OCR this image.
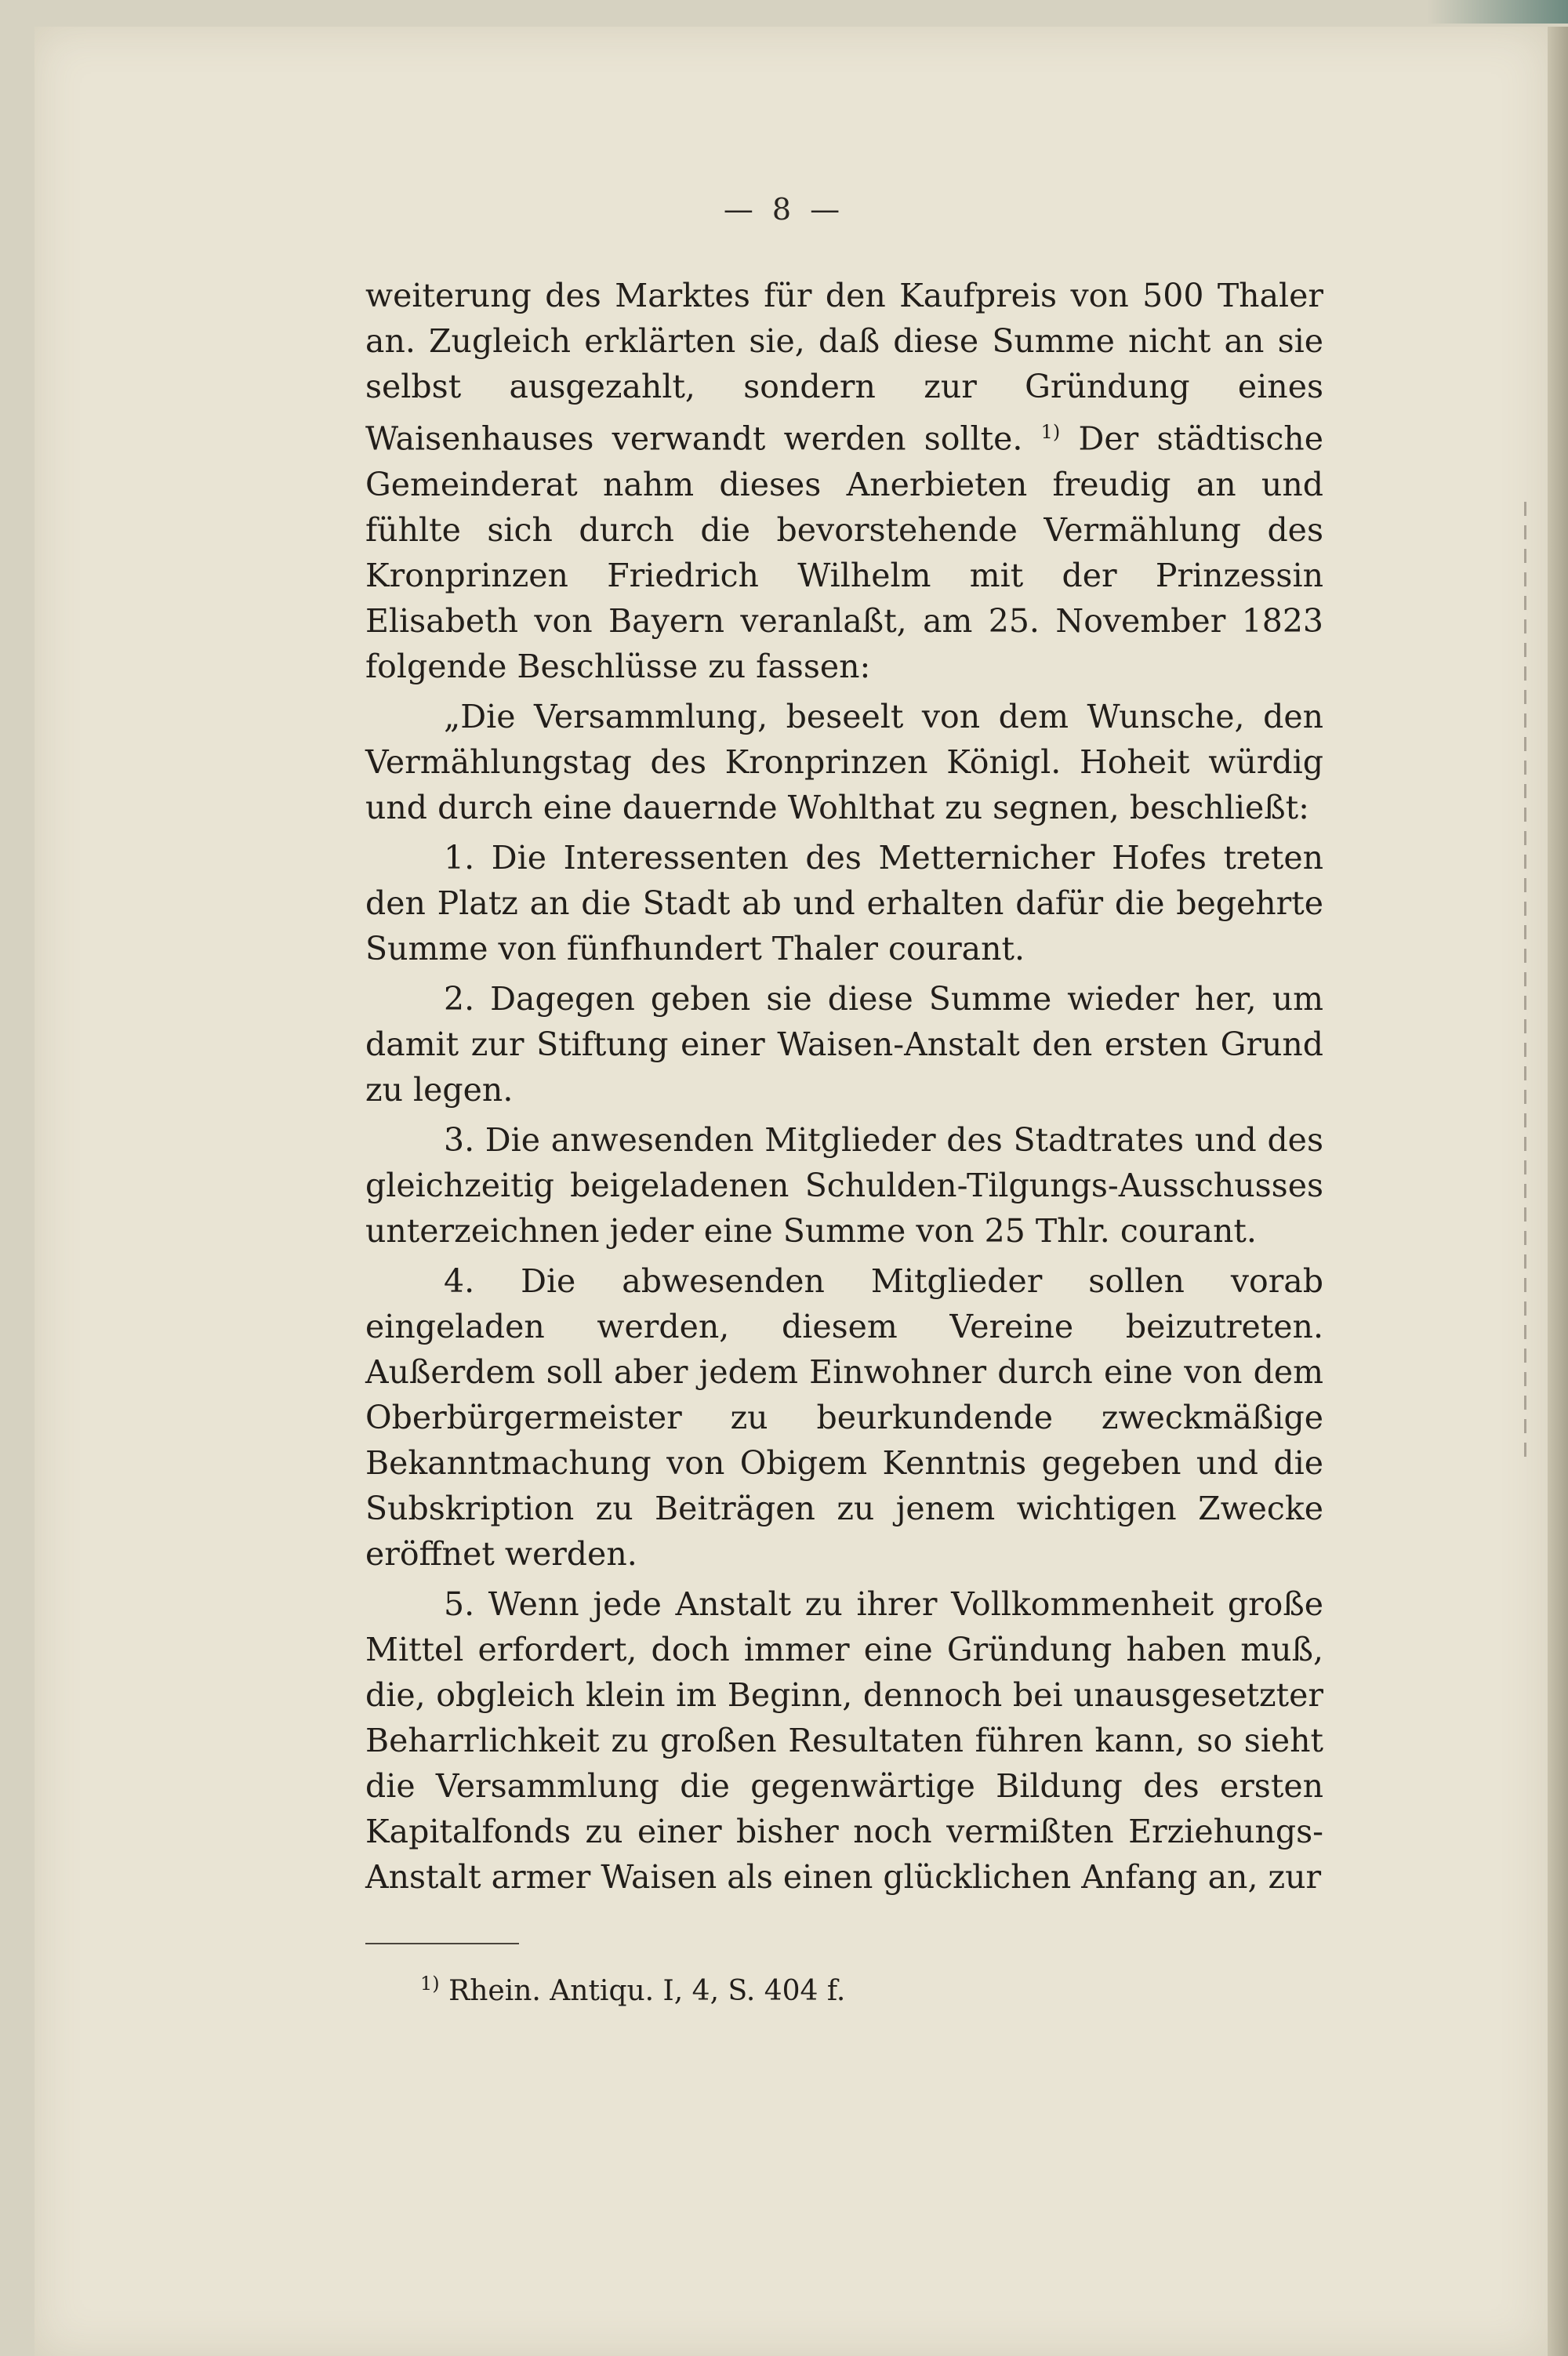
— 8 —

weiterung des Marktes für den Kaufpreis von 500 Thaler an. Zugleich erklärten sie, daß diese Summe nicht an sie selbst ausgezahlt, sondern zur Gründung eines Waisenhauses verwandt werden sollte. $^{1)}$ Der städtische Gemeinderat nahm dieses Anerbieten freudig an und fühlte sich durch die bevorstehende Vermählung des Kronprinzen Friedrich Wilhelm mit der Prinzessin Elisabeth von Bayern veranlaßt, am 25. November 1823 folgende Beschlüsse zu fassen:

„Die Versammlung, beseelt von dem Wunsche, den Vermählungstag des Kronprinzen Königl. Hoheit würdig und durch eine dauernde Wohlthat zu segnen, beschließt:

1. Die Interessenten des Metternicher Hofes treten den Platz an die Stadt ab und erhalten dafür die begehrte Summe von fünfhundert Thaler courant.

2. Dagegen geben sie diese Summe wieder her, um damit zur Stiftung einer Waisen-Anstalt den ersten Grund zu legen.

3. Die anwesenden Mitglieder des Stadtrates und des gleichzeitig beigeladenen Schulden-Tilgungs-Ausschusses unterzeichnen jeder eine Summe von 25 Thlr. courant.

4. Die abwesenden Mitglieder sollen vorab eingeladen werden, diesem Vereine beizutreten. Außerdem soll aber jedem Einwohner durch eine von dem Oberbürgermeister zu beurkundende zweckmäßige Bekanntmachung von Obigem Kenntnis gegeben und die Subskription zu Beiträgen zu jenem wichtigen Zwecke eröffnet werden.

5. Wenn jede Anstalt zu ihrer Vollkommenheit große Mittel erfordert, doch immer eine Gründung haben muß, die, obgleich klein im Beginn, dennoch bei unausgesetzter Beharrlichkeit zu großen Resultaten führen kann, so sieht die Versammlung die gegenwärtige Bildung des ersten Kapitalfonds zu einer bisher noch vermißten Erziehungs-Anstalt armer Waisen als einen glücklichen Anfang an, zur

$^{1)}$ Rhein. Antiqu. I, 4, S. 404 f.
